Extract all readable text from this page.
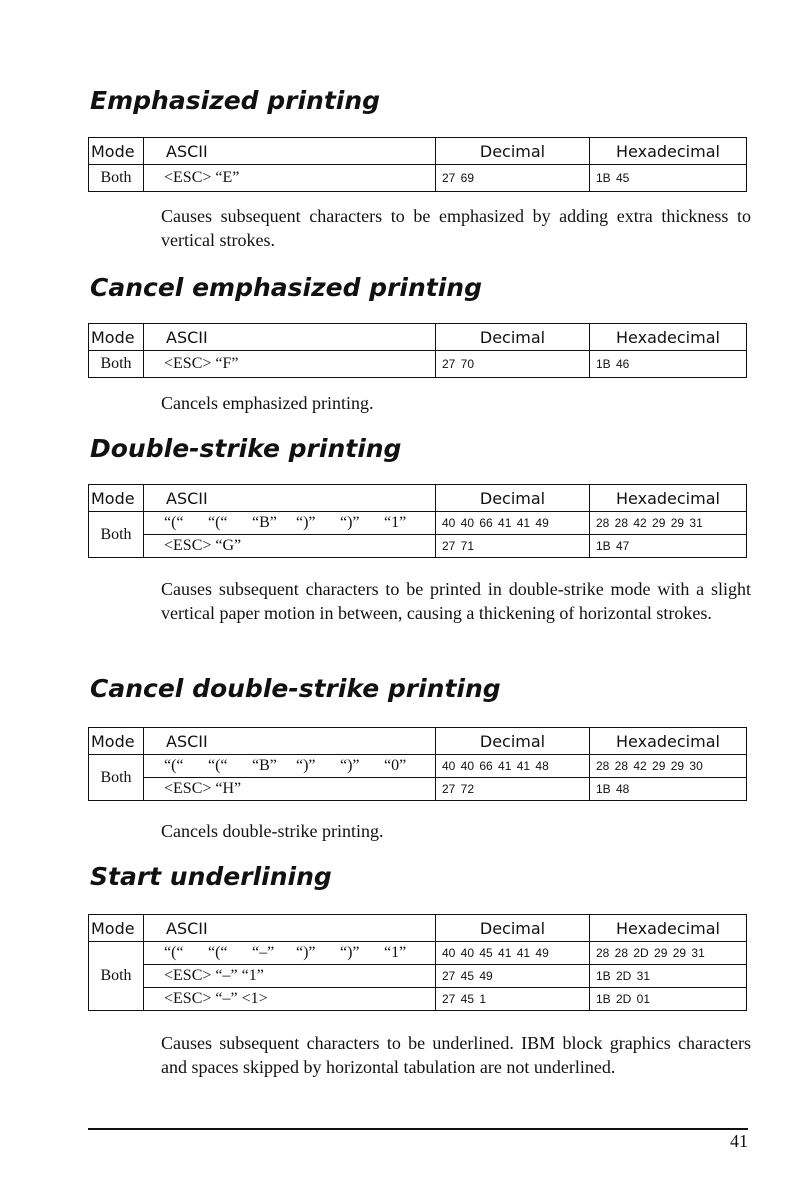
Emphasized printing
Mode	ASCII	Decimal	Hexadecimal
Both	<ESC> “E”	27 69	1B 45

Causes subsequent characters to be emphasized by adding extra thickness to vertical strokes.

Cancel emphasized printing
Mode	ASCII	Decimal	Hexadecimal
Both	<ESC> “F”	27 70	1B 46

Cancels emphasized printing.

Double-strike printing
Mode	ASCII	Decimal	Hexadecimal
Both	“(“ “(“ “B” “)” “)” “1”	40 40 66 41 41 49	28 28 42 29 29 31
	<ESC> “G”	27 71	1B 47

Causes subsequent characters to be printed in double-strike mode with a slight vertical paper motion in between, causing a thickening of horizontal strokes.

Cancel double-strike printing
Mode	ASCII	Decimal	Hexadecimal
Both	“(“ “(“ “B” “)” “)” “0”	40 40 66 41 41 48	28 28 42 29 29 30
	<ESC> “H”	27 72	1B 48

Cancels double-strike printing.

Start underlining
Mode	ASCII	Decimal	Hexadecimal
Both	“(“ “(“ “–” “)” “)” “1”	40 40 45 41 41 49	28 28 2D 29 29 31
	<ESC> “–” “1”	27 45 49	1B 2D 31
	<ESC> “–” <1>	27 45 1	1B 2D 01

Causes subsequent characters to be underlined. IBM block graphics characters and spaces skipped by horizontal tabulation are not underlined.

41
